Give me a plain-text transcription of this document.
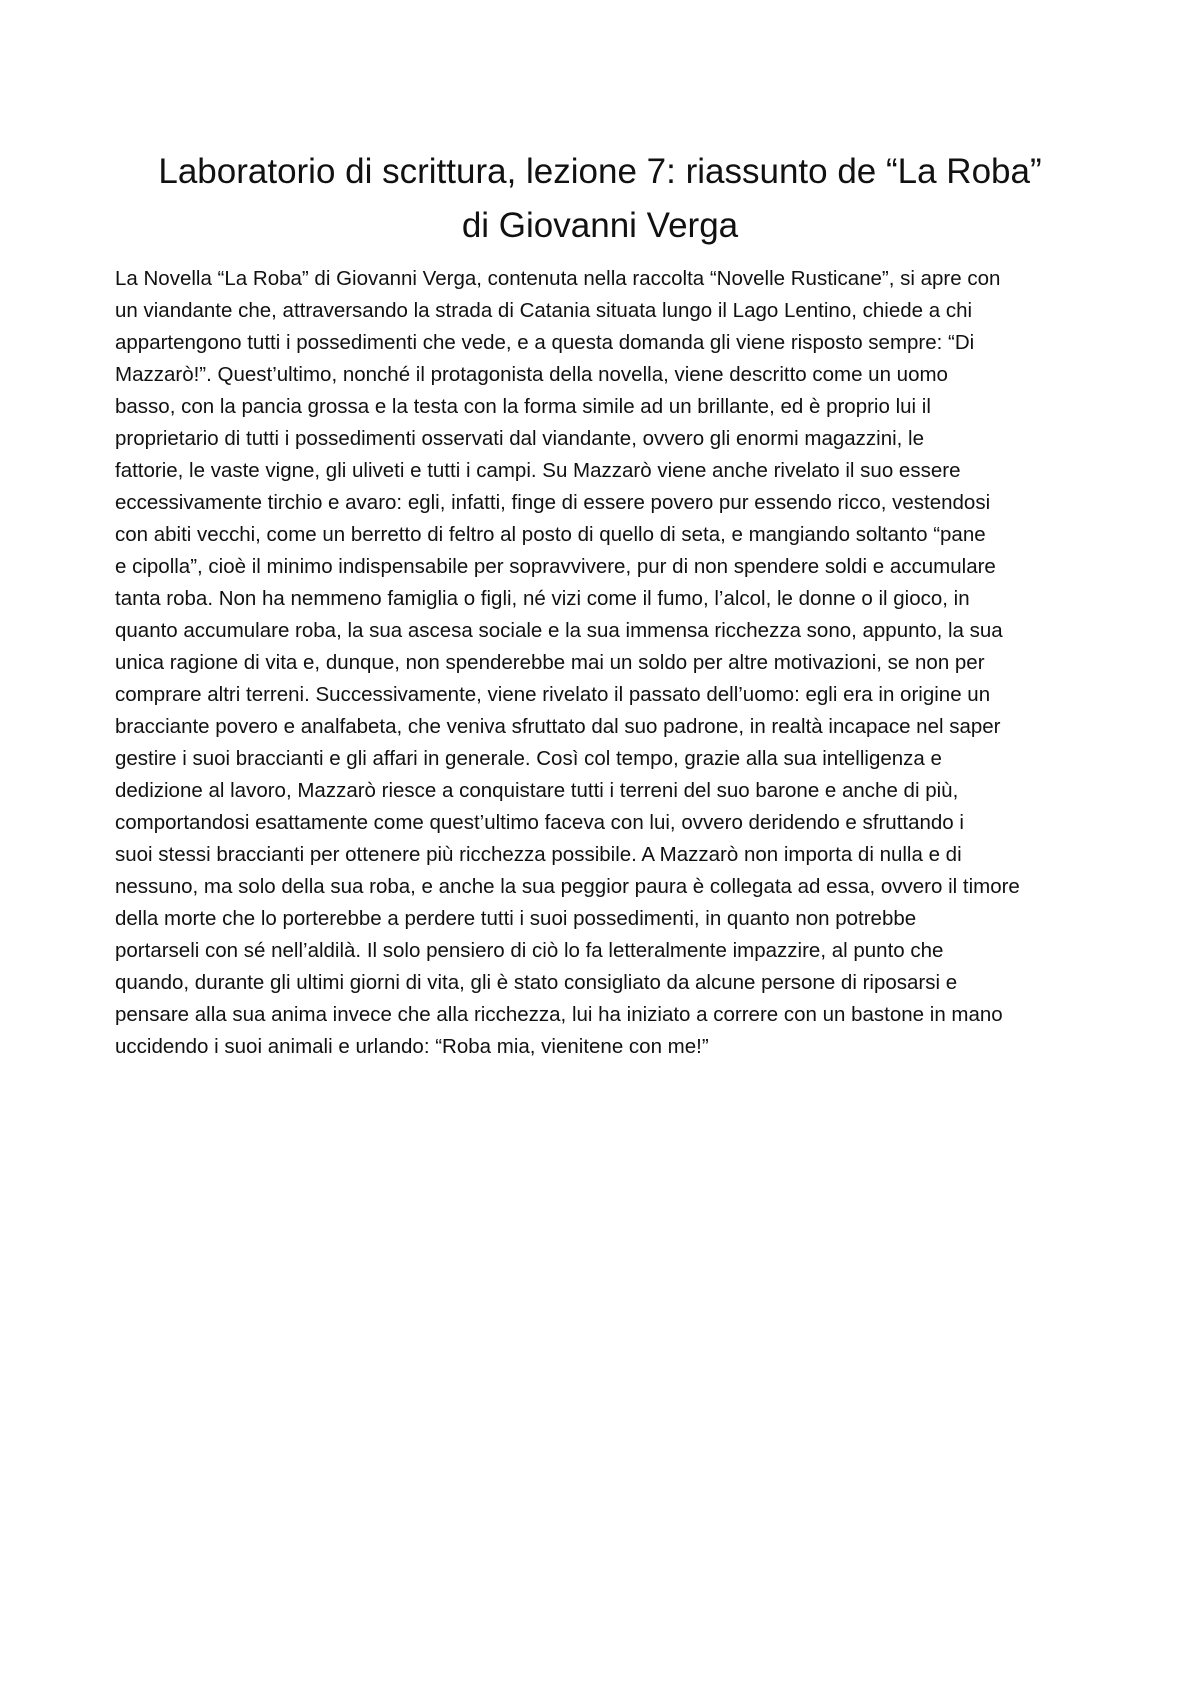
Laboratorio di scrittura, lezione 7: riassunto de “La Roba”
di Giovanni Verga
La Novella “La Roba” di Giovanni Verga, contenuta nella raccolta “Novelle Rusticane”, si apre con
un viandante che, attraversando la strada di Catania situata lungo il Lago Lentino, chiede a chi
appartengono tutti i possedimenti che vede, e a questa domanda gli viene risposto sempre: “Di
Mazzarò!”. Quest’ultimo, nonché il protagonista della novella, viene descritto come un uomo
basso, con la pancia grossa e la testa con la forma simile ad un brillante, ed è proprio lui il
proprietario di tutti i possedimenti osservati dal viandante, ovvero gli enormi magazzini, le
fattorie, le vaste vigne, gli uliveti e tutti i campi. Su Mazzarò viene anche rivelato il suo essere
eccessivamente tirchio e avaro: egli, infatti, finge di essere povero pur essendo ricco, vestendosi
con abiti vecchi, come un berretto di feltro al posto di quello di seta, e mangiando soltanto “pane
e cipolla”, cioè il minimo indispensabile per sopravvivere, pur di non spendere soldi e accumulare
tanta roba. Non ha nemmeno famiglia o figli, né vizi come il fumo, l’alcol, le donne o il gioco, in
quanto accumulare roba, la sua ascesa sociale e la sua immensa ricchezza sono, appunto, la sua
unica ragione di vita e, dunque, non spenderebbe mai un soldo per altre motivazioni, se non per
comprare altri terreni. Successivamente, viene rivelato il passato dell’uomo: egli era in origine un
bracciante povero e analfabeta, che veniva sfruttato dal suo padrone, in realtà incapace nel saper
gestire i suoi braccianti e gli affari in generale. Così col tempo, grazie alla sua intelligenza e
dedizione al lavoro, Mazzarò riesce a conquistare tutti i terreni del suo barone e anche di più,
comportandosi esattamente come quest’ultimo faceva con lui, ovvero deridendo e sfruttando i
suoi stessi braccianti per ottenere più ricchezza possibile. A Mazzarò non importa di nulla e di
nessuno, ma solo della sua roba, e anche la sua peggior paura è collegata ad essa, ovvero il timore
della morte che lo porterebbe a perdere tutti i suoi possedimenti, in quanto non potrebbe
portarseli con sé nell’aldilà. Il solo pensiero di ciò lo fa letteralmente impazzire, al punto che
quando, durante gli ultimi giorni di vita, gli è stato consigliato da alcune persone di riposarsi e
pensare alla sua anima invece che alla ricchezza, lui ha iniziato a correre con un bastone in mano
uccidendo i suoi animali e urlando: “Roba mia, vienitene con me!”
